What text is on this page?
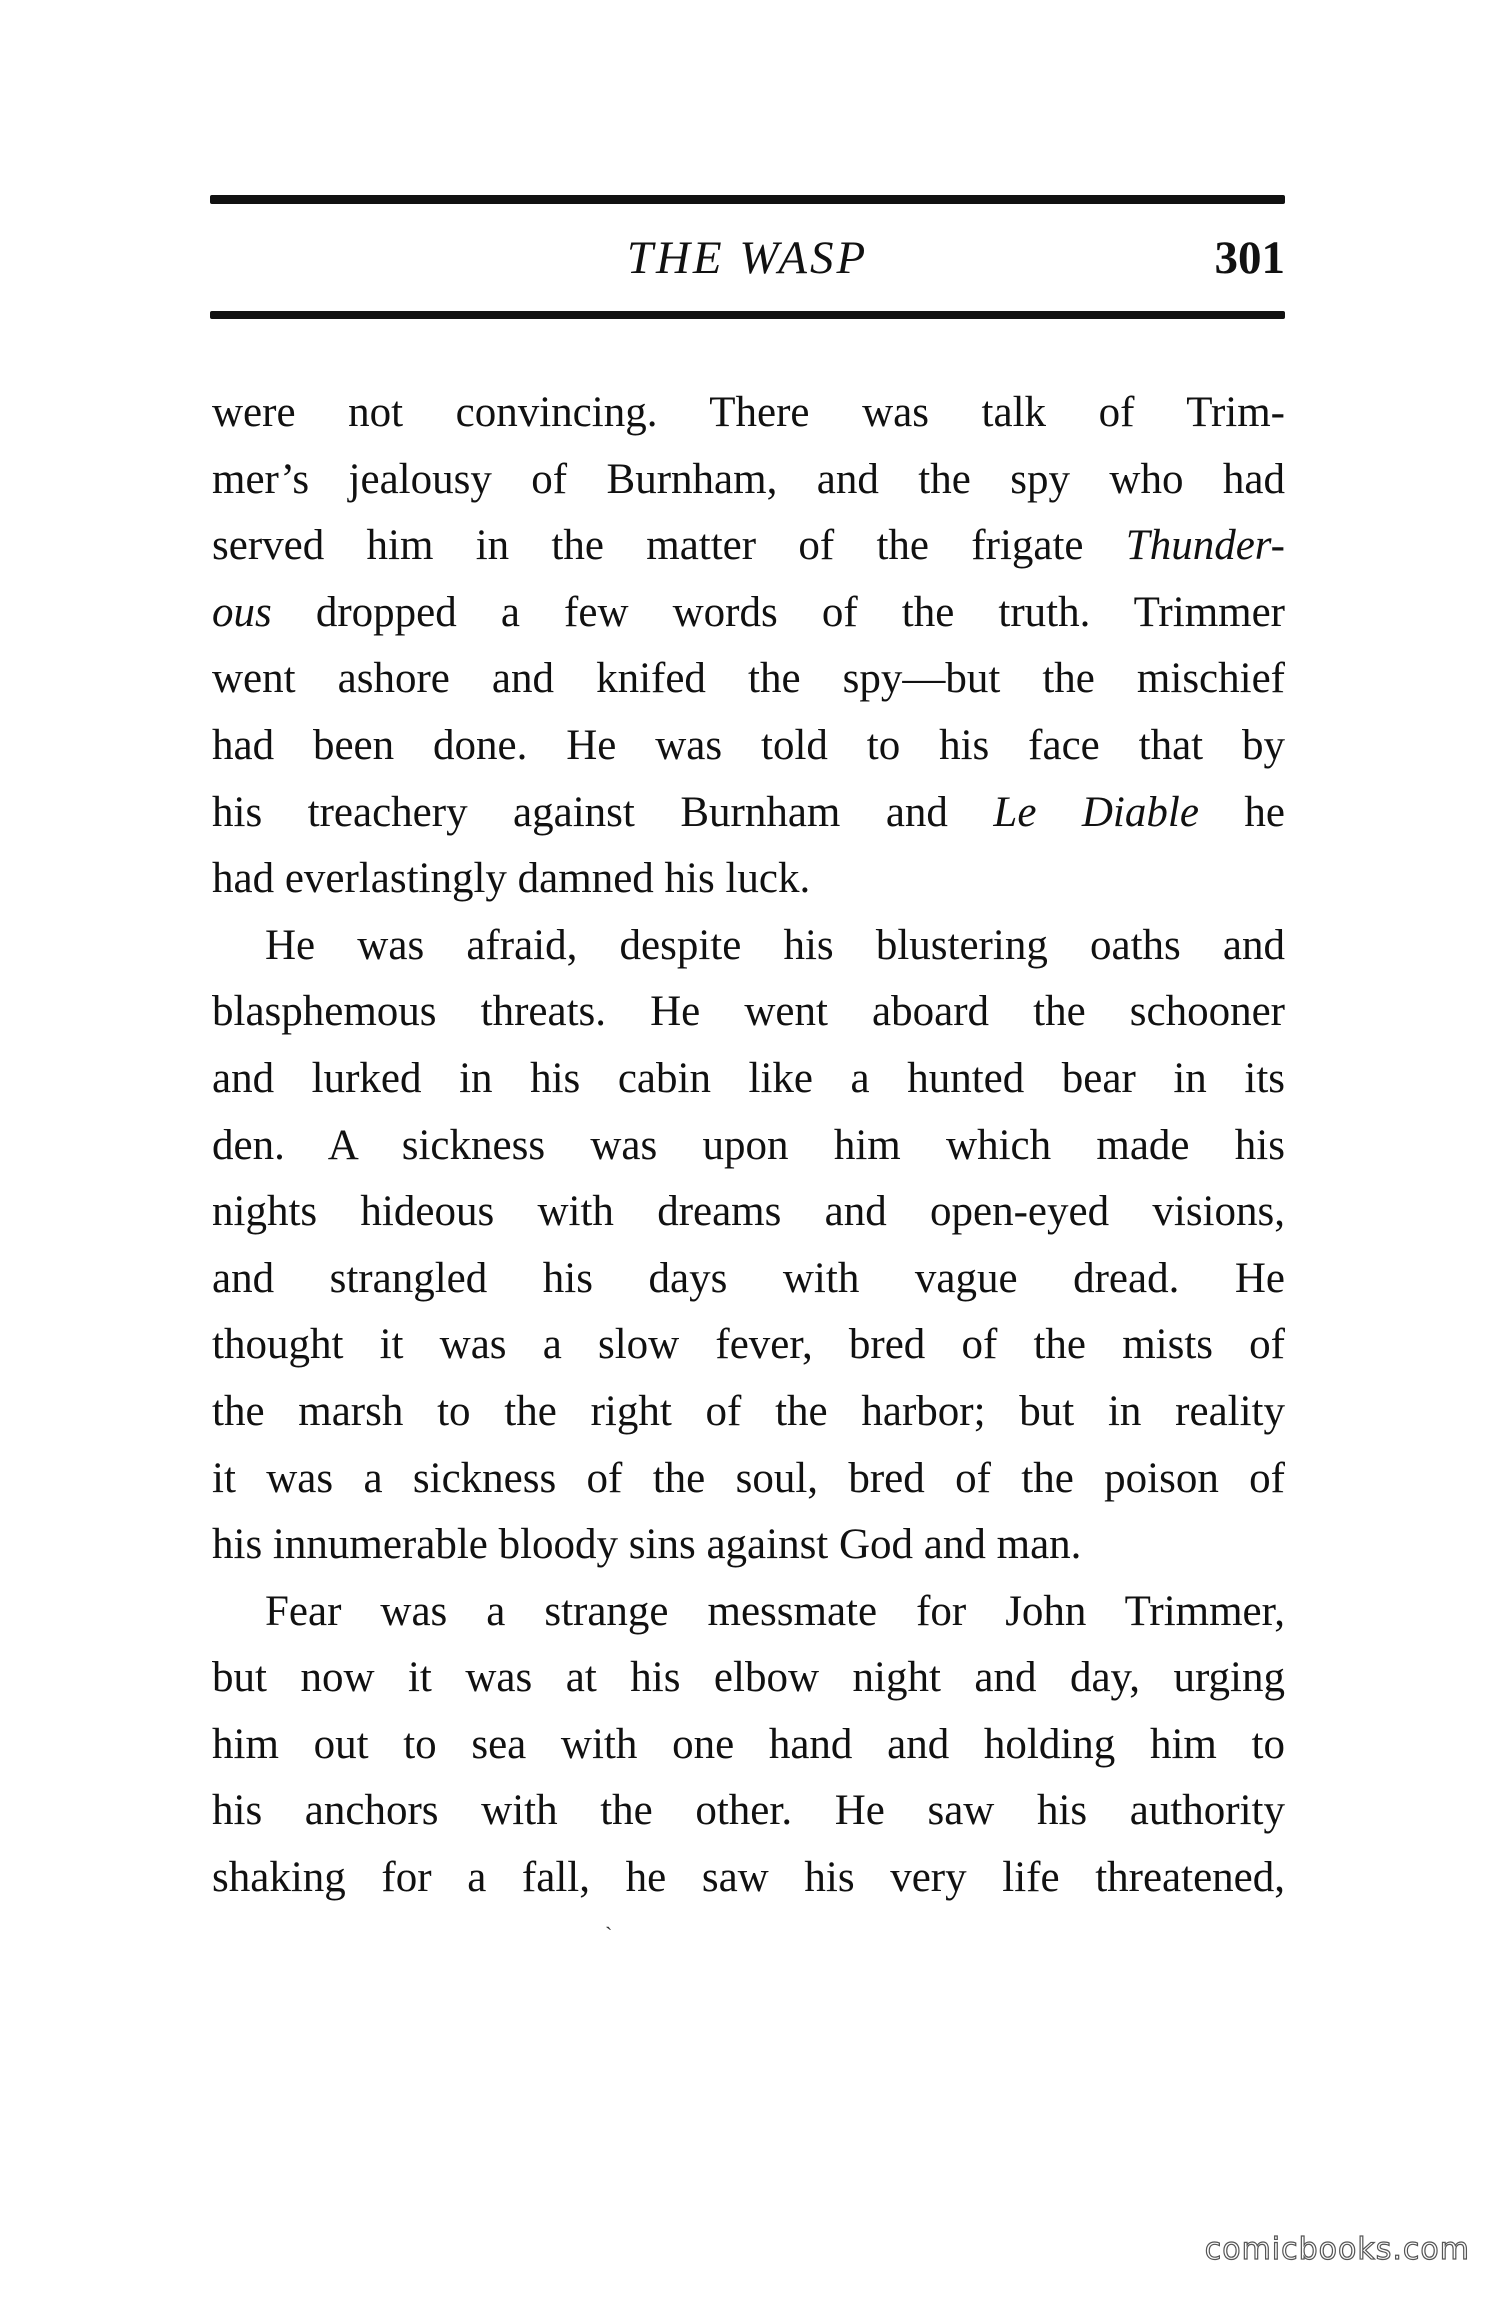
THE WASP	301
were not convincing. There was talk of Trim-
mer’s jealousy of Burnham, and the spy who had
served him in the matter of the frigate Thunder-
ous dropped a few words of the truth. Trimmer
went ashore and knifed the spy—but the mischief
had been done. He was told to his face that by
his treachery against Burnham and Le Diable he
had everlastingly damned his luck.
He was afraid, despite his blustering oaths and
blasphemous threats. He went aboard the schooner
and lurked in his cabin like a hunted bear in its
den. A sickness was upon him which made his
nights hideous with dreams and open-eyed visions,
and strangled his days with vague dread. He
thought it was a slow fever, bred of the mists of
the marsh to the right of the harbor; but in reality
it was a sickness of the soul, bred of the poison of
his innumerable bloody sins against God and man.
Fear was a strange messmate for John Trimmer,
but now it was at his elbow night and day, urging
him out to sea with one hand and holding him to
his anchors with the other. He saw his authority
shaking for a fall, he saw his very life threatened,
ˋ
comicbooks.com
